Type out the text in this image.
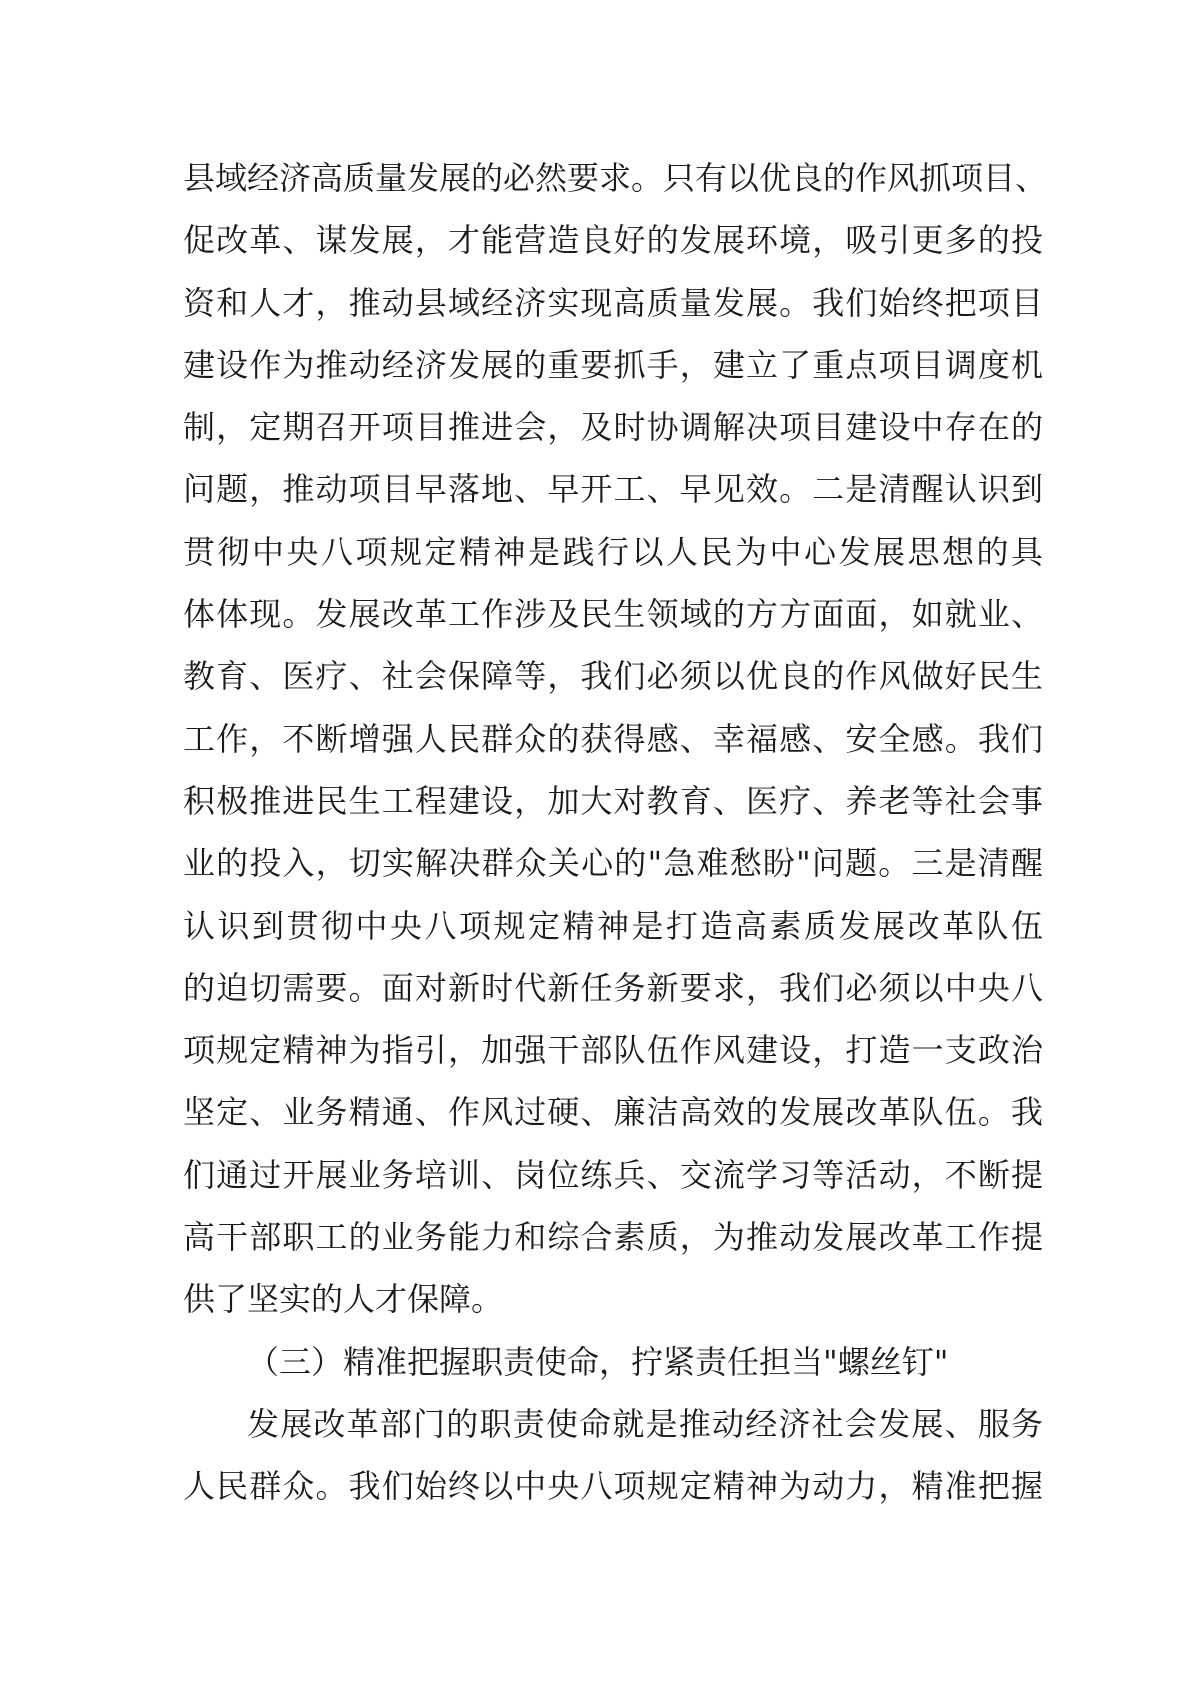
县域经济高质量发展的必然要求。只有以优良的作风抓项目、
促改革、谋发展，才能营造良好的发展环境，吸引更多的投
资和人才，推动县域经济实现高质量发展。我们始终把项目
建设作为推动经济发展的重要抓手，建立了重点项目调度机
制，定期召开项目推进会，及时协调解决项目建设中存在的
问题，推动项目早落地、早开工、早见效。二是清醒认识到
贯彻中央八项规定精神是践行以人民为中心发展思想的具
体体现。发展改革工作涉及民生领域的方方面面，如就业、
教育、医疗、社会保障等，我们必须以优良的作风做好民生
工作，不断增强人民群众的获得感、幸福感、安全感。我们
积极推进民生工程建设，加大对教育、医疗、养老等社会事
业的投入，切实解决群众关心的"急难愁盼"问题。三是清醒
认识到贯彻中央八项规定精神是打造高素质发展改革队伍
的迫切需要。面对新时代新任务新要求，我们必须以中央八
项规定精神为指引，加强干部队伍作风建设，打造一支政治
坚定、业务精通、作风过硬、廉洁高效的发展改革队伍。我
们通过开展业务培训、岗位练兵、交流学习等活动，不断提
高干部职工的业务能力和综合素质，为推动发展改革工作提
供了坚实的人才保障。
（三）精准把握职责使命，拧紧责任担当"螺丝钉"
发展改革部门的职责使命就是推动经济社会发展、服务
人民群众。我们始终以中央八项规定精神为动力，精准把握
